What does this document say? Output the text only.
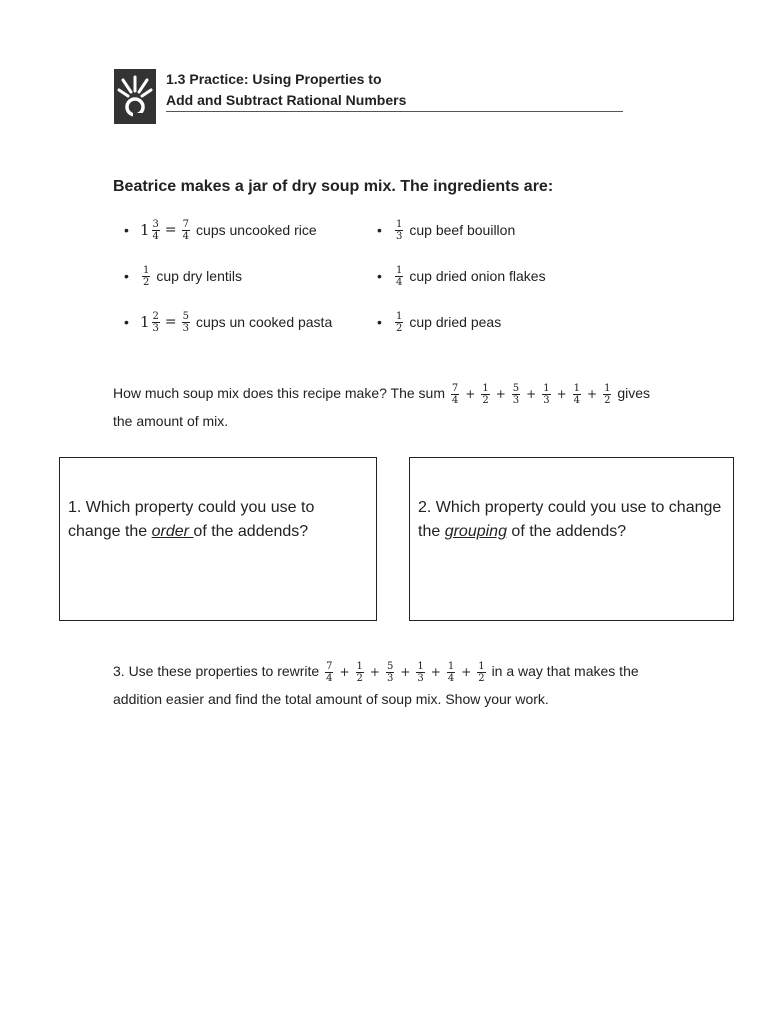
1.3 Practice: Using Properties to
Add and Subtract Rational Numbers
Beatrice makes a jar of dry soup mix. The ingredients are:
• $1 \frac{3}{4} = \frac{7}{4}$ cups uncooked rice
•	$\frac{1}{2}$ cup dry lentils
• $1 \frac{2}{3} = \frac{5}{3}$ cups un cooked pasta
•	$\frac{1}{3}$ cup beef bouillon
•	$\frac{1}{4}$ cup dried onion flakes
•	$\frac{1}{2}$ cup dried peas
How much soup mix does this recipe make? The sum $\frac{7}{4} + \frac{1}{2} + \frac{5}{3} + \frac{1}{3} + \frac{1}{4} + \frac{1}{2}$ gives
the amount of mix.
1. Which property could you use to change the order of the addends?
2. Which property could you use to change the grouping of the addends?
3. Use these properties to rewrite $\frac{7}{4} + \frac{1}{2} + \frac{5}{3} + \frac{1}{3} + \frac{1}{4} + \frac{1}{2}$ in a way that makes the
addition easier and find the total amount of soup mix. Show your work.
